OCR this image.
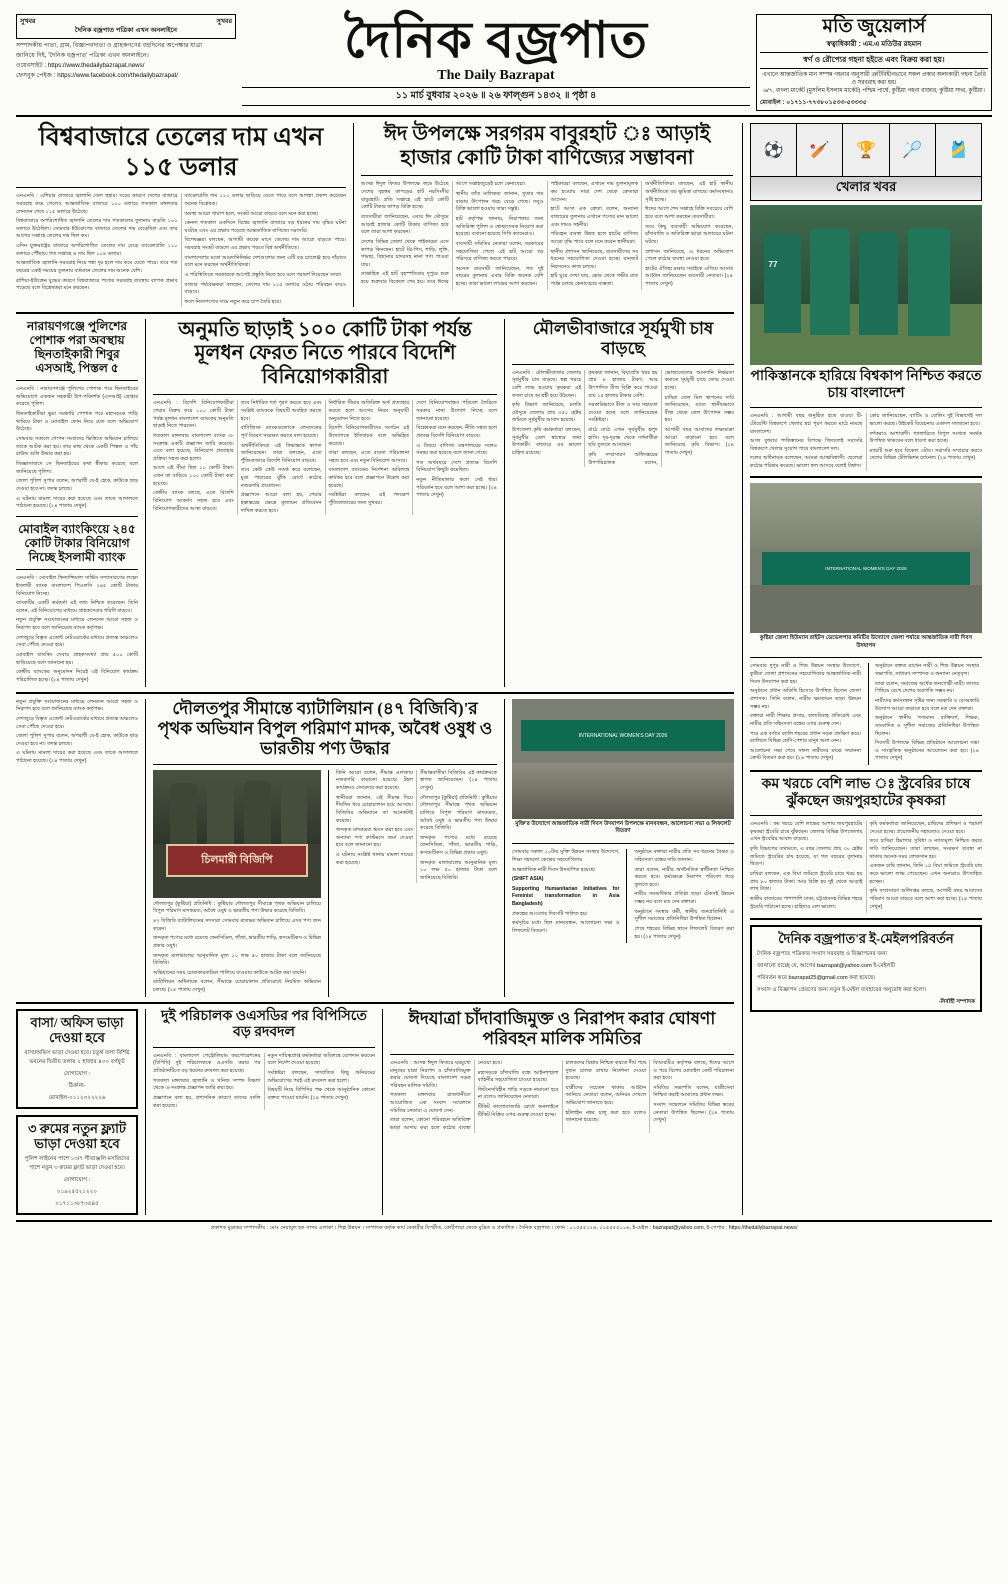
সুখবর	সুখবর
দৈনিক বজ্রপাত পত্রিকা এখন অনলাইনে

সম্পাদকীয় পাতা, গ্রাম, বিজ্ঞাপনদাতা ও গ্রাহকগণের বহুদিনের অপেক্ষার যাত্রা

জানিয়ে দিই, 'দৈনিক বজ্রপাত' পত্রিকা এখন অনলাইনে।

ওয়েবসাইট : https://www.thedailybazrapat.news/

ফেসবুক পেইজ : https://www.facebook.com/thedailybazrapat/

দৈনিক বজ্রপাত
The Daily Bazrapat
১১ মার্চ বুধবার ২০২৬ ॥ ২৬ ফাল্গুন ১৪৩২ ॥ পৃষ্ঠা ৪
মতি জুয়েলার্স
স্বত্বাধিকারী : এম.এ মতিউর রহমান
স্বর্ণ ও রৌপ্যের গহনা হইতে এবং বিক্রয় করা হয়।
এখানে আন্তর্জাতিক মান সম্পন্ন গহনার অনুসারী ত্রুটিবিহীনভাবে সকল প্রকার অলংকারী গহনা তৈরি ও সরবরাহ করা হয়।
৬/৭, বাংলা মার্কেট (মুসলিম ইসলাম মার্কেট) পশ্চিম পার্শ্বে, কুষ্টিয়া গহনা বাজার, কুষ্টিয়া সদর, কুষ্টিয়া।
মোবাইল : ০১৭১১-৭৭৩৮০১৫৩৩-৫৩৩৩৫
বিশ্ববাজারে তেলের দাম এখন ১১৫ ডলার

এনএনবি : এশিয়ার বাজারে জ্বালানি তেল হুহার। দরের কারণে দেশের বাজারে সরবরাহ কমে গেলেও আন্তর্জাতিক বাজারে ১০০ ডলারে গতকাল মঙ্গলবার লেনদেন শেষে ১১৫ ডলারে উঠেছে।

বিশ্ববাজারে অপরিশোধিত জ্বালানি তেলের দাম গতকালের তুলনায় বাড়তি ১০০ ডলারে উঠেছিল। সোমবার ইউরোপের বাজারে তেলের দাম বেড়েছিল এবং তার আগের সপ্তাহে তেলের দাম ছিল কম।

এদিন যুক্তরাষ্ট্রের বাজারে অপরিশোধিত তেলের দাম বেড়ে ব্যারেলপ্রতি ১১০ ডলারে পৌঁছায়। গত সপ্তাহে এ দাম ছিল ১০৪ ডলার।

আন্তর্জাতিক জ্বালানি সরবরাহ নিয়ে শঙ্কা দূর হলে দাম কমে যেতে পারে। তবে গত বছরের একই সময়ের তুলনায় বর্তমানে তেলের দাম অনেক বেশি।

রাশিয়া-ইউক্রেন যুদ্ধের কারণে বিশ্ববাজারে পণ্যের সরবরাহ ব্যবস্থায় ব্যাপক প্রভাব পড়েছে বলে বিশ্লেষকরা মনে করছেন।

ব্যারেলপ্রতি দাম ১২০ ডলার ছাড়িয়ে যেতে পারে বলে আশঙ্কা প্রকাশ করেছেন অনেক বিশ্লেষক।

অবস্থা আরো খারাপ হলে, সংকট আরো বাড়বে বলে মনে করা হচ্ছে।

কেননা গতকাল একদিনে বিশ্বের জ্বালানি বাজারে বড় ধরনের দাম বৃদ্ধির ঘটনা ঘটেছে এবং এর প্রভাব পড়েছে আন্তর্জাতিক বাণিজ্যে সরাসরি।

বিশেষজ্ঞরা বলছেন, আগামী কয়েক মাসে তেলের দাম আরো বাড়তে পারে। সরবরাহ সংকট বাড়লে এর প্রভাব পড়বে বিশ্ব অর্থনীতিতে।

বাংলাদেশের মতো আমদানিনির্ভর দেশগুলোর জন্য এটি বড় চ্যালেঞ্জ হয়ে দাঁড়াবে বলে মনে করছেন অর্থনীতিবিদরা।

এ পরিস্থিতিতে সরকারকে আগেই প্রস্তুতি নিতে হবে বলে পরামর্শ দিয়েছেন তারা।

বাজার পর্যবেক্ষকরা বলছেন, তেলের দাম ১১৫ ডলারে ওঠায় পরিবহন ব্যয়ও বাড়বে।

ফলে নিত্যপণ্যের দামে নতুন করে চাপ তৈরি হবে।

ঈদ উপলক্ষে সরগরম বাবুরহাট ঃ আড়াই হাজার কোটি টাকা বাণিজ্যের সম্ভাবনা

আসন্ন ঈদুল ফিতর উপলক্ষে জমে উঠেছে দেশের বৃহত্তম কাপড়ের হাট নরসিংদীর বাবুরহাট। প্রতি সপ্তাহে এই হাটে কোটি কোটি টাকার কাপড় বিক্রি হচ্ছে।

ব্যবসায়ীরা জানিয়েছেন, এবার ঈদ মৌসুমে আড়াই হাজার কোটি টাকার বাণিজ্য হবে বলে তারা আশা করছেন।

দেশের বিভিন্ন জেলা থেকে পাইকাররা এসে কাপড় কিনছেন। হাটে থ্রি-পিস, শাড়ি, লুঙ্গি, গামছা, বিছানার চাদরসহ নানা পণ্য পাওয়া যায়।

সাপ্তাহিক এই হাট বৃহস্পতিবার দুপুরে শুরু হয়ে শুক্রবার বিকেলে শেষ হয়। তবে ঈদের আগে সপ্তাহজুড়েই চলে কেনাবেচা।

স্থানীয় তাঁত মালিকরা জানান, সুতার দাম বাড়ায় উৎপাদন খরচ বেড়ে গেছে। তবুও বিক্রি ভালো হওয়ায় তারা সন্তুষ্ট।

হাট কর্তৃপক্ষ জানায়, নিরাপত্তার জন্য অতিরিক্ত পুলিশ ও স্বেচ্ছাসেবক নিয়োগ করা হয়েছে। বসানো হয়েছে সিসি ক্যামেরাও।

ব্যবসায়ী সমিতির নেতারা বলেন, সরকারের সহযোগিতা পেলে এই হাট আরো বড় পরিসরে বাণিজ্য করতে পারবে।

অনেক ব্যবসায়ী জানিয়েছেন, গত দুই বছরের তুলনায় এবার বিক্রি অনেক বেশি হচ্ছে। তারা ভালো লাভের আশা করছেন।

পাইকাররা বলছেন, এখানে দাম তুলনামূলক কম হওয়ায় সারা দেশ থেকে ক্রেতারা আসেন।

হাটে আসা এক ক্রেতা বলেন, অন্যান্য বাজারের তুলনায় এখানে পণ্যের মান ভালো এবং দামও সহনীয়।

পরিবহন ব্যবস্থা উন্নত হলে হাটের বাণিজ্য আরো বৃদ্ধি পাবে বলে মনে করেন স্থানীয়রা।

স্থানীয় প্রশাসন জানিয়েছে, ব্যবসায়ীদের সব ধরনের সহযোগিতা দেওয়া হচ্ছে। যানজট নিরসনেও কাজ চলছে।

হাট ঘুরে দেখা যায়, ভোর থেকে গভীর রাত পর্যন্ত চলছে কেনাবেচার ব্যস্ততা।

অর্থনীতিবিদরা বলছেন, এই হাট স্থানীয় অর্থনীতিতে বড় ভূমিকা রাখছে। কর্মসংস্থানও সৃষ্টি হচ্ছে।

ঈদের আগে শেষ সপ্তাহে বিক্রি সবচেয়ে বেশি হবে বলে আশা করছেন ব্যবসায়ীরা।

তবে কিছু ব্যবসায়ী অভিযোগ করেছেন, চাঁদাবাজি ও অতিরিক্ত ভাড়া আদায়ের ঘটনা ঘটছে।

প্রশাসন জানিয়েছে, এ ধরনের অভিযোগ পেলে কঠোর ব্যবস্থা নেওয়া হবে।

হাটের ঐতিহ্য রক্ষায় সবাইকে এগিয়ে আসার আহ্বান জানিয়েছেন ব্যবসায়ী নেতারা। (২৪ পাতায় দেখুন)

নারায়ণগঞ্জে পুলিশের পোশাক পরা অবস্থায় ছিনতাইকারী শিবুর এসআই, পিস্তল ৫

এনএনবি : নারায়ণগঞ্জে পুলিশের পোশাক পরে ছিনতাইয়ের অভিযোগে একজন সহকারী উপ-পরিদর্শক (এসআই) গ্রেপ্তার করেছে পুলিশ।

ছিনতাইকারীরা ভুয়া সরকারি পোশাক পরে মহাসড়কে গাড়ি থামিয়ে টাকা ও মোবাইল ফোন নিয়ে যেত বলে অভিযোগ উঠেছে।

সোমবার সকালে গোপন সংবাদের ভিত্তিতে অভিযান চালিয়ে তাকে আটক করা হয়। তার কাছ থেকে একটি পিস্তল ও পাঁচ রাউন্ড গুলি উদ্ধার করা হয়।

জিজ্ঞাসাবাদে সে ছিনতাইয়ের কথা স্বীকার করেছে বলে জানিয়েছে পুলিশ।

জেলা পুলিশ সুপার বলেন, অপরাধী যে-ই হোক, কাউকে ছাড় দেওয়া হবে না। তদন্ত চলছে।

এ ঘটনায় মামলা দায়ের করা হয়েছে এবং তাকে আদালতে পাঠানো হয়েছে। (২৪ পাতায় দেখুন)

মোবাইল ব্যাংকিংয়ে ২৪৫ কোটি টাকার বিনিয়োগ নিচ্ছে ইসলামী ব্যাংক

এনএনবি : মোবাইল ফিন্যান্সিয়াল সার্ভিস সম্প্রসারণের লক্ষ্যে ইসলামী ব্যাংক বাংলাদেশ পিএলসি ২৪৫ কোটি টাকার বিনিয়োগ নিচ্ছে।

ব্যাংকটির একটি কর্মকর্তা এই তথ্য নিশ্চিত করেছেন। তিনি বলেন, এই বিনিয়োগের মাধ্যমে গ্রাহকসেবার পরিধি বাড়বে।

নতুন প্রযুক্তি সংযোজনের মাধ্যমে লেনদেন আরো সহজ ও নিরাপদ হবে বলে জানিয়েছে ব্যাংক কর্তৃপক্ষ।

দেশজুড়ে বিস্তৃত এজেন্ট নেটওয়ার্কের মাধ্যমে প্রত্যন্ত অঞ্চলেও সেবা পৌঁছে দেওয়া হবে।

মোবাইল ব্যাংকিং সেবায় গ্রাহকসংখ্যা প্রায় ৫০০ কোটি ছাড়িয়েছে বলে জানানো হয়।

কেন্দ্রীয় ব্যাংকের অনুমোদন নিয়েই এই বিনিয়োগ কার্যক্রম পরিচালিত হচ্ছে। (২৪ পাতায় দেখুন)

অনুমতি ছাড়াই ১০০ কোটি টাকা পর্যন্ত মূলধন ফেরত নিতে পারবে বিদেশি বিনিয়োগকারীরা

এনএনবি : বিদেশি বিনিয়োগকারীরা শেয়ার বিক্রয় করে ১০০ কোটি টাকা পর্যন্ত মূলধন বাংলাদেশ ব্যাংকের অনুমতি ছাড়াই নিতে পারবেন।

গতকাল মঙ্গলবার বাংলাদেশ ব্যাংক এ-সংক্রান্ত একটি প্রজ্ঞাপন জারি করেছে। এতে বলা হয়েছে, বিনিয়োগ প্রত্যাহার প্রক্রিয়া সহজ করা হলো।

আগে এই সীমা ছিল ১০ কোটি টাকা। এখন তা বাড়িয়ে ১০০ কোটি টাকা করা হয়েছে।

কেন্দ্রীয় ব্যাংক বলছে, এতে বিদেশি বিনিয়োগ আকর্ষণ সহজ হবে এবং বিনিয়োগকারীদের আস্থা বাড়বে।

তবে নির্ধারিত শর্ত পূরণ করতে হবে এবং সংশ্লিষ্ট ব্যাংককে বিষয়টি অবহিত করতে হবে।

বাণিজ্যিক ব্যাংকগুলোকে লেনদেনের পূর্ণ বিবরণ সংরক্ষণ করতে বলা হয়েছে।

অর্থনীতিবিদরা এই সিদ্ধান্তকে স্বাগত জানিয়েছেন। তারা বলছেন, এতে পুঁজিবাজারে বিদেশি বিনিয়োগ বাড়বে।

তবে কেউ কেউ সতর্ক করে বলেছেন, মুদ্রা পাচারের ঝুঁকি রোধে কঠোর নজরদারি প্রয়োজন।

প্রজ্ঞাপনে আরো বলা হয়, শেয়ার হস্তান্তরের ক্ষেত্রে মূল্যায়ন প্রতিবেদন দাখিল করতে হবে।

নির্ধারিত সীমার অতিরিক্ত অর্থ প্রত্যাহার করতে হলে আগের নিয়ম অনুযায়ী অনুমোদন নিতে হবে।

বিদেশি বিনিয়োগকারীদের সংগঠন এই উদ্যোগকে ইতিবাচক বলে অভিহিত করেছে।

তারা বলছেন, এতে ব্যবসা পরিচালনা সহজ হবে এবং নতুন বিনিয়োগ আসবে।

বাংলাদেশ ব্যাংকের নির্দেশনা অবিলম্বে কার্যকর হবে বলে প্রজ্ঞাপনে উল্লেখ করা হয়েছে।

সংশ্লিষ্টরা বলছেন, এই পদক্ষেপ পুঁজিবাজারের জন্য সুখবর।

দেশে বিনিয়োগবান্ধব পরিবেশ তৈরিতে সরকার নানা উদ্যোগ নিচ্ছে বলে জানানো হয়েছে।

বিশ্লেষকরা মনে করছেন, নীতি সহজ হলে প্রত্যক্ষ বিদেশি বিনিয়োগ বাড়বে।

এ বিষয়ে বাণিজ্য মন্ত্রণালয়ের সঙ্গেও সমন্বয় করা হয়েছে বলে জানা গেছে।

গত অর্থবছরে দেশে প্রত্যক্ষ বিদেশি বিনিয়োগ কিছুটা কমেছিল।

নতুন নীতিমালার ফলে সেই ধারা পরিবর্তন হবে বলে আশা করা হচ্ছে। (২৪ পাতায় দেখুন)

মৌলভীবাজারে সূর্যমুখী চাষ বাড়ছে

এনএনবি : মৌলভীবাজার জেলায় সূর্যমুখীর চাষ বাড়ছে। স্বল্প খরচে বেশি লাভ হওয়ায় কৃষকরা এই ফসল চাষে আগ্রহী হয়ে উঠছেন।

কৃষি বিভাগ জানিয়েছে, চলতি মৌসুমে জেলায় প্রায় ৩৫০ হেক্টর জমিতে সূর্যমুখীর আবাদ হয়েছে।

উপজেলা কৃষি কর্মকর্তারা বলছেন, সূর্যমুখীর তেল স্বাস্থ্যের জন্য উপকারী। বাজারে এর ভালো চাহিদা রয়েছে।

কৃষকরা জানান, বিঘাপ্রতি খরচ হয় প্রায় ৮ হাজার টাকা। আর উৎপাদিত বীজ বিক্রি করে পাওয়া যায় ২৫ হাজার টাকার বেশি।

সরকারিভাবে বীজ ও সার সহায়তা দেওয়া হচ্ছে বলে জানিয়েছেন সংশ্লিষ্টরা।

মাঠে মাঠে এখন সূর্যমুখীর হলুদ হাসি। দূর-দূরান্ত থেকে দর্শনার্থীরা ছবি তুলতে আসছেন।

কৃষি সম্প্রসারণ অধিদপ্তরের উপপরিচালক বলেন, ভোজ্যতেলের আমদানি নির্ভরতা কমাতে সূর্যমুখী চাষে জোর দেওয়া হচ্ছে।

চাষিরা তেল মিল স্থাপনের দাবি জানিয়েছেন, যাতে স্থানীয়ভাবে বীজ থেকে তেল উৎপাদন সম্ভব হয়।

আগামী বছর আবাদের লক্ষ্যমাত্রা আরো বাড়ানো হবে বলে জানিয়েছে কৃষি বিভাগ। (২৪ পাতায় দেখুন)

নতুন প্রযুক্তি সংযোজনের মাধ্যমে লেনদেন আরো সহজ ও নিরাপদ হবে বলে জানিয়েছে ব্যাংক কর্তৃপক্ষ।

দেশজুড়ে বিস্তৃত এজেন্ট নেটওয়ার্কের মাধ্যমে প্রত্যন্ত অঞ্চলেও সেবা পৌঁছে দেওয়া হবে।

জেলা পুলিশ সুপার বলেন, অপরাধী যে-ই হোক, কাউকে ছাড় দেওয়া হবে না। তদন্ত চলছে।

এ ঘটনায় মামলা দায়ের করা হয়েছে এবং তাকে আদালতে পাঠানো হয়েছে। (২৪ পাতায় দেখুন)

দৌলতপুর সীমান্তে ব্যাটালিয়ান (৪৭ বিজিবি)'র পৃথক অভিযান বিপুল পরিমাণ মাদক, অবৈধ ওষুধ ও ভারতীয় পণ্য উদ্ধার
চিলমারী বিজিপি

দৌলতপুর (কুষ্টিয়া) প্রতিনিধি : কুষ্টিয়ার দৌলতপুর সীমান্তে পৃথক অভিযান চালিয়ে বিপুল পরিমাণ মাদকদ্রব্য, অবৈধ ওষুধ ও ভারতীয় পণ্য উদ্ধার করেছে বিজিবি।

৪৭ বিজিবি ব্যাটালিয়নের সদস্যরা সোমবার রাতভর অভিযান চালিয়ে এসব পণ্য জব্দ করেন।

জব্দকৃত পণ্যের মধ্যে রয়েছে ফেনসিডিল, গাঁজা, ভারতীয় শাড়ি, কসমেটিকস ও বিভিন্ন প্রকার ওষুধ।

জব্দকৃত মালামালের আনুমানিক মূল্য ১০ লক্ষ ৫০ হাজার টাকা বলে জানিয়েছে বিজিবি।

অভিযানের সময় চোরাকারবারিরা পালিয়ে যাওয়ায় কাউকে আটক করা যায়নি।

ব্যাটালিয়ন অধিনায়ক বলেন, সীমান্তে চোরাচালান প্রতিরোধে নিয়মিত অভিযান চলছে। (২৪ পাতায় দেখুন)

তিনি আরো বলেন, সীমান্ত এলাকায় নজরদারি বাড়ানো হয়েছে। টহল কার্যক্রমও জোরদার করা হয়েছে।

স্থানীয়রা জানান, এই সীমান্ত দিয়ে দীর্ঘদিন ধরে চোরাচালান হয়ে আসছে। বিজিবির অভিযানে তা অনেকটাই কমেছে।

জব্দকৃত মাদকদ্রব্য ধ্বংস করা হবে এবং অন্যান্য পণ্য কাস্টমসে জমা দেওয়া হবে বলে জানানো হয়।

এ ঘটনায় সংশ্লিষ্ট থানায় মামলা দায়ের করা হয়েছে।

সীমান্তবাসীরা বিজিবির এই কার্যক্রমকে স্বাগত জানিয়েছেন। (২৪ পাতায় দেখুন)

দৌলতপুর (কুষ্টিয়া) প্রতিনিধি : কুষ্টিয়ার দৌলতপুর সীমান্তে পৃথক অভিযান চালিয়ে বিপুল পরিমাণ মাদকদ্রব্য, অবৈধ ওষুধ ও ভারতীয় পণ্য উদ্ধার করেছে বিজিবি।

জব্দকৃত পণ্যের মধ্যে রয়েছে ফেনসিডিল, গাঁজা, ভারতীয় শাড়ি, কসমেটিকস ও বিভিন্ন প্রকার ওষুধ।

জব্দকৃত মালামালের আনুমানিক মূল্য ১০ লক্ষ ৫০ হাজার টাকা বলে জানিয়েছে বিজিবি।

INTERNATIONAL WOMEN'S DAY 2026
মুক্তি'র উদ্যোগে আন্তর্জাতিক নারী দিবস উদযাপন উপলক্ষে মানববন্ধন, আলোচনা সভা ও লিফলেট বিতরণ

সোমবার সকাল ১০টায় মুক্তি উন্নয়ন সংস্থার উদ্যোগে, শিক্ষা সহায়তা কেন্দ্রের সহযোগিতায়

আন্তর্জাতিক নারী দিবস উদযাপিত হয়েছে।

(SHIFT ASIA)

Supporting Humanitarian Initiatives for Feminist transformation in Asia Bangladesh)

প্রকল্পের আওতায় দিবসটি পালিত হয়।

কর্মসূচির মধ্যে ছিল মানববন্ধন, আলোচনা সভা ও লিফলেট বিতরণ।

অনুষ্ঠানে বক্তারা নারীর প্রতি সব ধরনের বৈষম্য ও সহিংসতা বন্ধের দাবি জানান।

তারা বলেন, নারীর অর্থনৈতিক স্বাধীনতা নিশ্চিত করতে হবে। কর্মক্ষেত্রে নিরাপদ পরিবেশ গড়ে তুলতে হবে।

নারীর সমঅধিকার প্রতিষ্ঠা ছাড়া টেকসই উন্নয়ন সম্ভব নয় বলে মত দেন বক্তারা।

অনুষ্ঠানে সংস্থার কর্মী, স্থানীয় জনপ্রতিনিধি ও সুশীল সমাজের প্রতিনিধিরা উপস্থিত ছিলেন।

শেষে শহরের বিভিন্ন স্থানে লিফলেট বিতরণ করা হয়। (২৪ পাতায় দেখুন)

বাসা/ অফিস ভাড়া দেওয়া হবে
বাসা/অফিস ভাড়া দেওয়া হবে। চতুর্থ তলা বিশিষ্ট ভবনের দ্বিতীয় তলায় ২ হাজার ৪০০ বর্গফুট
যোগাযোগ :
ঠিকানা-
মোবাইল-০১১২৩২২২২৬
৩ রুমের নতুন ফ্ল্যাট ভাড়া দেওয়া হবে
পুলিশ লাইনের পাশে ১৩/৭ গীতাঞ্জলি মসজিদের পাশে নতুন ৩ রুমের ফ্ল্যাট ভাড়া দেওয়া হবে।
যোগাযোগ :
০১৯২৫৫২১২২০
০১৭১১৩৮৭৩৫৪৫
দুই পরিচালক ওএসডির পর বিপিসিতে বড় রদবদল

এনএনবি : বাংলাদেশ পেট্রোলিয়াম করপোরেশনের (বিপিসি) দুই পরিচালককে ওএসডি করার পর প্রতিষ্ঠানটিতে বড় ধরনের রদবদল করা হয়েছে।

গতকাল মঙ্গলবার জ্বালানি ও খনিজ সম্পদ বিভাগ থেকে এ-সংক্রান্ত প্রজ্ঞাপন জারি করা হয়।

প্রজ্ঞাপনে বলা হয়, প্রশাসনিক কারণে তাদের বদলি করা হয়েছে।

নতুন দায়িত্বপ্রাপ্ত কর্মকর্তারা অবিলম্বে যোগদান করবেন বলে নির্দেশ দেওয়া হয়েছে।

সংশ্লিষ্টরা বলছেন, সাম্প্রতিক কিছু অনিয়মের অভিযোগের পরই এই রদবদল করা হলো।

বিষয়টি নিয়ে বিপিসির পক্ষ থেকে আনুষ্ঠানিক কোনো বক্তব্য পাওয়া যায়নি। (২৪ পাতায় দেখুন)

ঈদযাত্রা চাঁদাবাজিমুক্ত ও নিরাপদ করার ঘোষণা পরিবহন মালিক সমিতির

এনএনবি : আসন্ন ঈদুল ফিতরে ঘরমুখো মানুষের যাত্রা নিরাপদ ও চাঁদাবাজিমুক্ত করার ঘোষণা দিয়েছে বাংলাদেশ সড়ক পরিবহন মালিক সমিতি।

গতকাল মঙ্গলবার রাজধানীতে আয়োজিত এক সংবাদ সম্মেলনে সমিতির নেতারা এ ঘোষণা দেন।

তারা বলেন, কোনো পরিবহনে অতিরিক্ত ভাড়া আদায় করা হলে কঠোর ব্যবস্থা নেওয়া হবে।

মহাসড়কে চাঁদাবাজি বন্ধে আইনশৃঙ্খলা বাহিনীর সহযোগিতা চাওয়া হয়েছে।

ফিটনেসবিহীন গাড়ি সড়কে নামানো হবে না বলেও জানিয়েছেন নেতারা।

টিকিট কালোবাজারি রোধে অনলাইনে টিকিট বিক্রির ওপর গুরুত্ব দেওয়া হচ্ছে।

চালকদের বিশ্রাম নিশ্চিত করতে দীর্ঘ পথে দুজন চালক রাখার নির্দেশনা দেওয়া হয়েছে।

যাত্রীদের সচেতন থাকার আহ্বান জানিয়ে নেতারা বলেন, অনিয়ম দেখলে অভিযোগ জানাতে হবে।

হটলাইন নম্বর চালু করা হবে বলেও জানানো হয়েছে।

বিআরটিএ কর্তৃপক্ষ বলছে, ঈদের আগে ও পরে বিশেষ মোবাইল কোর্ট পরিচালনা করা হবে।

সমিতির সভাপতি বলেন, যাত্রীসেবা নিশ্চিত করাই আমাদের প্রধান লক্ষ্য।

সংবাদ সম্মেলনে সমিতির বিভিন্ন স্তরের নেতারা উপস্থিত ছিলেন। (২৪ পাতায় দেখুন)

⚽	🏏	🏆	🏸	🎽
খেলার খবর
77
পাকিস্তানকে হারিয়ে বিশ্বকাপ নিশ্চিত করতে চায় বাংলাদেশ

এনএনবি : আগামী বছর অনুষ্ঠিত হতে যাওয়া টি-টোয়েন্টি বিশ্বকাপে খেলার স্বপ্ন পূরণ করতে মাঠে নামছে বাংলাদেশ।

আজ বুধবার পাকিস্তানের বিপক্ষে জিতলেই সরাসরি বিশ্বকাপে খেলার সুযোগ পাবে বাংলাদেশ দল।

দলের অধিনায়ক বলেছেন, আমরা আত্মবিশ্বাসী। ছেলেরা কঠোর পরিশ্রম করেছে। ভালো ফল আসবে বলেই বিশ্বাস।

কোচ জানিয়েছেন, ব্যাটিং ও বোলিং দুই বিভাগেই দল ভালো করছে। উইকেট বিবেচনায় একাদশ সাজানো হবে।

দর্শকরাও আশাবাদী। গ্যালারিতে বিপুল সংখ্যক সমর্থক উপস্থিত থাকবেন বলে ধারণা করা হচ্ছে।

ম্যাচটি শুরু হবে বিকেল ৩টায়। সরাসরি সম্প্রচার করবে দেশের বিভিন্ন টেলিভিশন চ্যানেল। (২৪ পাতায় দেখুন)

INTERNATIONAL WOMEN'S DAY 2026
কুষ্টিয়া জেলা হিউম্যান রাইটস ডেভেলপার কমিটির উদ্যোগে জেলা পর্যায়ে আন্তর্জাতিক নারী দিবস উদযাপন

সোমবার দুপুর নারী ও শিশু উন্নয়ন সংস্থার উদ্যোগে, কুষ্টিয়া জেলা প্রশাসনের সহযোগিতায় আন্তর্জাতিক নারী দিবস উদযাপন করা হয়।

অনুষ্ঠানে প্রধান অতিথি হিসেবে উপস্থিত ছিলেন জেলা প্রশাসক। তিনি বলেন, নারীর ক্ষমতায়ন ছাড়া উন্নয়ন সম্ভব নয়।

বক্তারা নারী শিক্ষার প্রসার, বাল্যবিবাহ প্রতিরোধ এবং নারীর প্রতি সহিংসতা বন্ধের ওপর গুরুত্ব দেন।

পরে এক বর্ণাঢ্য র‍্যালি শহরের প্রধান সড়ক প্রদক্ষিণ করে। র‍্যালিতে বিভিন্ন শ্রেণি-পেশার মানুষ অংশ নেন।

আলোচনা সভা শেষে সফল নারীদের মাঝে সম্মাননা ক্রেস্ট বিতরণ করা হয়। (২৪ পাতায় দেখুন)

অনুষ্ঠানে বক্তব্য রাখেন নারী ও শিশু উন্নয়ন সংস্থার সভাপতি, সাধারণ সম্পাদক ও অন্যান্য নেতৃবৃন্দ।

তারা বলেন, সমাজের অর্ধেক জনগোষ্ঠী নারী। তাদের পিছিয়ে রেখে দেশের অগ্রগতি সম্ভব নয়।

নারীদের কর্মসংস্থান সৃষ্টির জন্য সরকারি ও বেসরকারি উদ্যোগ আরো বাড়াতে হবে বলে মত দেন বক্তারা।

অনুষ্ঠানে স্থানীয় গণ্যমান্য ব্যক্তিবর্গ, শিক্ষক, সাংবাদিক ও সুশীল সমাজের প্রতিনিধিরা উপস্থিত ছিলেন।

দিবসটি উপলক্ষে বিভিন্ন প্রতিষ্ঠানে আলোচনা সভা ও সাংস্কৃতিক অনুষ্ঠানের আয়োজন করা হয়। (২৪ পাতায় দেখুন)

কম খরচে বেশি লাভ ঃ স্ট্রবেরির চাষে ঝুঁকছেন জয়পুরহাটের কৃষকরা

এনএনবি : কম খরচে বেশি লাভের আশায় জয়পুরহাটের কৃষকরা স্ট্রবেরি চাষে ঝুঁকছেন। জেলার বিভিন্ন উপজেলায় এখন স্ট্রবেরির আবাদ বাড়ছে।

কৃষি বিভাগের তথ্যমতে, এ বছর জেলায় প্রায় ৩০ হেক্টর জমিতে স্ট্রবেরির চাষ হয়েছে, যা গত বছরের তুলনায় দ্বিগুণ।

চাষিরা বলছেন, এক বিঘা জমিতে স্ট্রবেরি চাষে খরচ হয় প্রায় ৮০ হাজার টাকা। আর বিক্রি হয় দুই থেকে আড়াই লাখ টাকা।

স্থানীয় বাজারের পাশাপাশি ঢাকা, চট্টগ্রামসহ বিভিন্ন শহরে স্ট্রবেরি পাঠানো হচ্ছে। চাহিদাও বেশ ভালো।

কৃষি কর্মকর্তারা জানিয়েছেন, চাষিদের প্রশিক্ষণ ও পরামর্শ দেওয়া হচ্ছে। প্রয়োজনীয় সহায়তাও দেওয়া হবে।

তবে চাষিরা হিমাগার সুবিধা ও ন্যায্যমূল্য নিশ্চিত করার দাবি জানিয়েছেন। তারা বলছেন, সংরক্ষণ ব্যবস্থা না থাকায় অনেক সময় লোকসান হয়।

একজন চাষি জানান, তিনি ১৫ বিঘা জমিতে স্ট্রবেরি চাষ করে ভালো লাভ পেয়েছেন। এখন অন্যরাও উৎসাহিত হচ্ছেন।

কৃষি সম্প্রসারণ অধিদপ্তর বলছে, আগামী বছর আবাদের পরিমাণ আরো বাড়বে বলে আশা করা হচ্ছে। (২৪ পাতায় দেখুন)

দৈনিক বজ্রপাত'র ই-মেইলপরিবর্তন
দৈনিক বজ্রপাত পত্রিকার সংবাদ সরবরাহ ও বিজ্ঞাপনের জন্য
জানানো যাচ্ছে যে, আগের bazrapat@yahoo.com ই-মেইলটি
পরিবর্তন করে bazrapat25@gmail.com করা হয়েছে।
সংবাদ ও বিজ্ঞাপন প্রেরণের জন্য নতুন ই-মেইল ব্যবহারের অনুরোধ করা হলো।
-নির্বাহী সম্পাদক
প্রকাশক মুদ্রাকর সম্পাদকীয় : মোঃ নেয়ামুল হক সাগর এলাকা । শিল্প উন্নয়ন । সম্পাদক কর্তৃক কার্য বেকারীর বিপরীত, কোর্টপাড়া থেকে মুদ্রিত ও প্রকাশিত । দৈনিক বজ্রপাত । ফোন : ০১৫৫৫১২৬, ০১৫৫৫৫১১৬, ই-মেইল : bazrapat@yahoo.com, ই-পেপার : https://thedailybazrapat.news/
